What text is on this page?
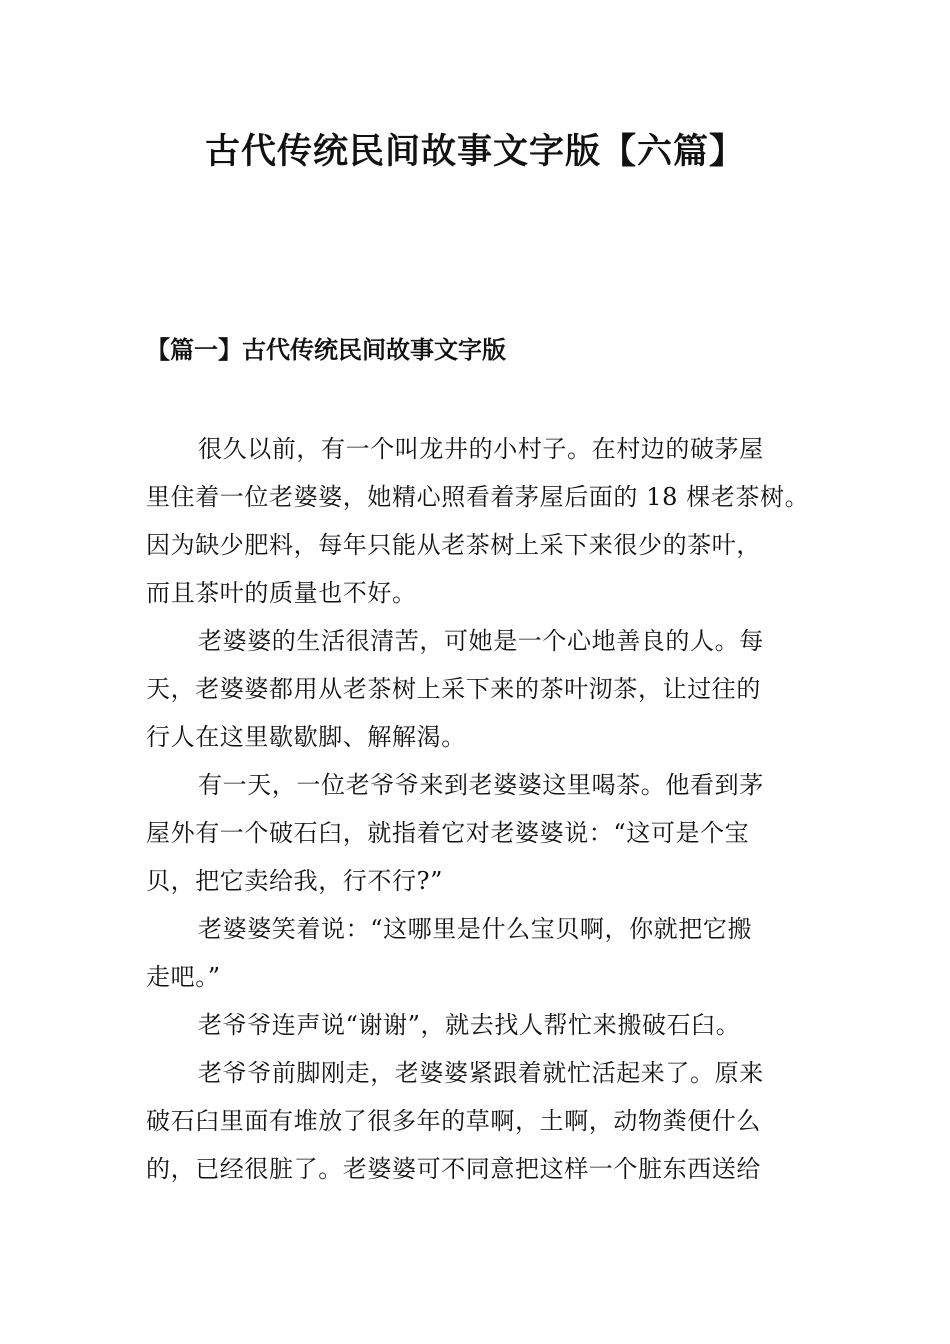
古代传统民间故事文字版【六篇】
【篇一】古代传统民间故事文字版
很久以前，有一个叫龙井的小村子。在村边的破茅屋
里住着一位老婆婆，她精心照看着茅屋后面的 18 棵老茶树。
因为缺少肥料，每年只能从老茶树上采下来很少的茶叶，
而且茶叶的质量也不好。
老婆婆的生活很清苦，可她是一个心地善良的人。每
天，老婆婆都用从老茶树上采下来的茶叶沏茶，让过往的
行人在这里歇歇脚、解解渴。
有一天，一位老爷爷来到老婆婆这里喝茶。他看到茅
屋外有一个破石臼，就指着它对老婆婆说：“这可是个宝
贝，把它卖给我，行不行?”
老婆婆笑着说：“这哪里是什么宝贝啊，你就把它搬
走吧。”
老爷爷连声说“谢谢”，就去找人帮忙来搬破石臼。
老爷爷前脚刚走，老婆婆紧跟着就忙活起来了。原来
破石臼里面有堆放了很多年的草啊，土啊，动物粪便什么
的，已经很脏了。老婆婆可不同意把这样一个脏东西送给
